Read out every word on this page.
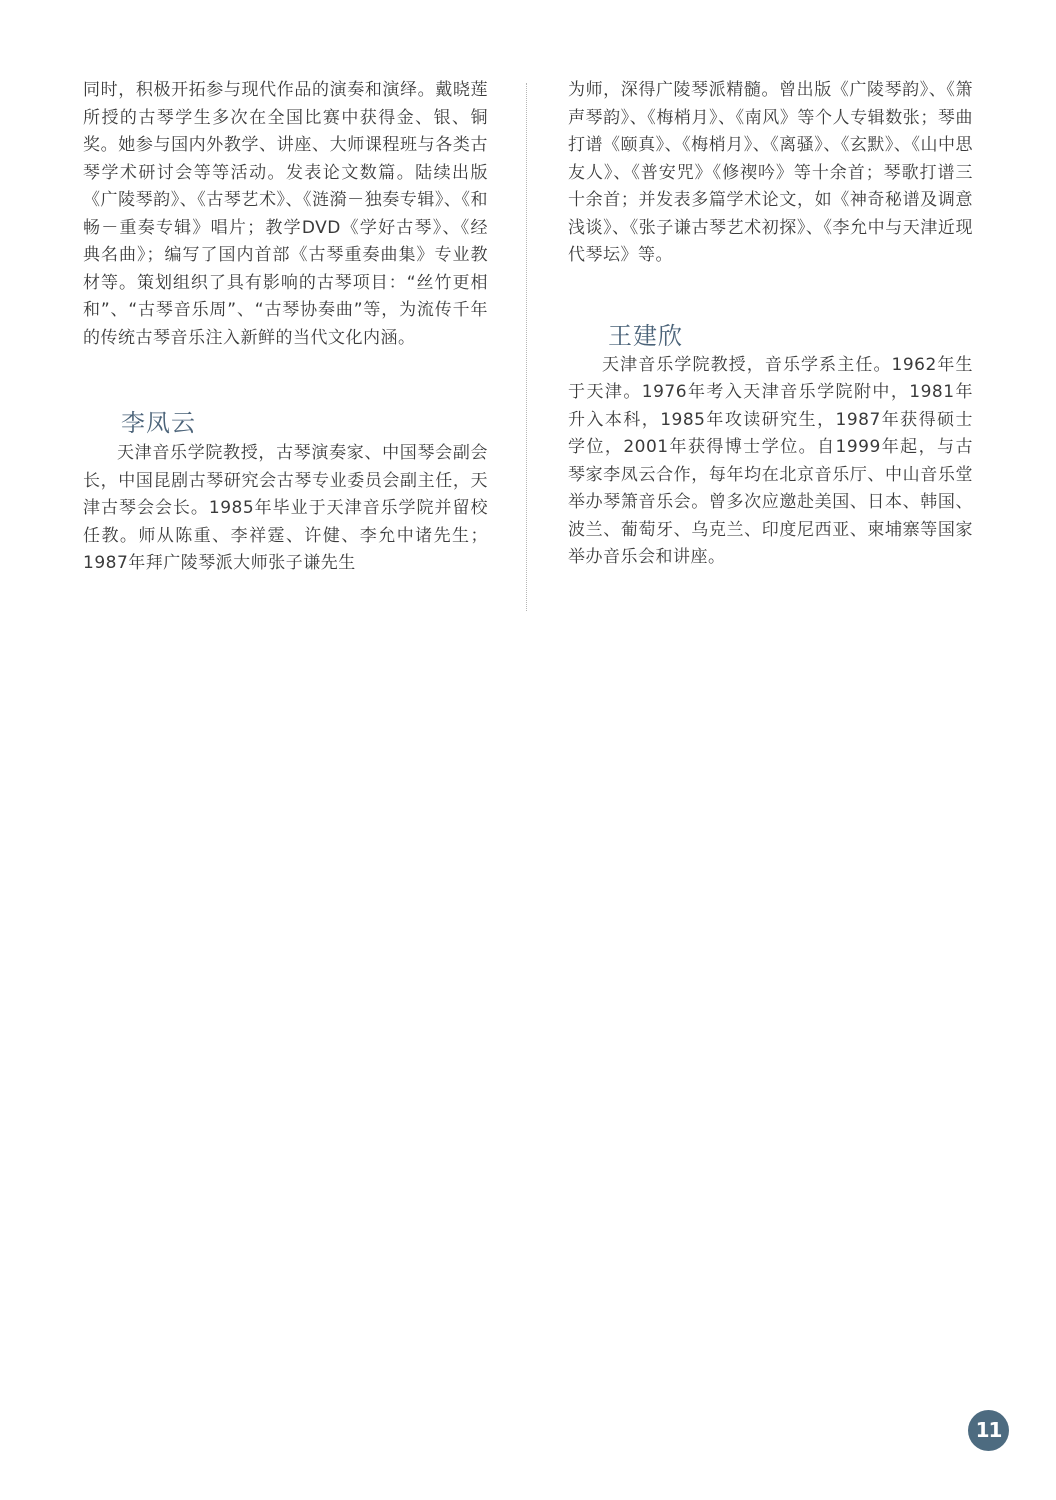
同时，积极开拓参与现代作品的演奏和演绎。戴晓莲所授的古琴学生多次在全国比赛中获得金、银、铜奖。她参与国内外教学、讲座、大师课程班与各类古琴学术研讨会等等活动。发表论文数篇。陆续出版《广陵琴韵》、《古琴艺术》、《涟漪－独奏专辑》、《和畅－重奏专辑》唱片；教学DVD《学好古琴》、《经典名曲》；编写了国内首部《古琴重奏曲集》专业教材等。策划组织了具有影响的古琴项目：“丝竹更相和”、“古琴音乐周”、“古琴协奏曲”等，为流传千年的传统古琴音乐注入新鲜的当代文化内涵。

李凤云

天津音乐学院教授，古琴演奏家、中国琴会副会长，中国昆剧古琴研究会古琴专业委员会副主任，天津古琴会会长。1985年毕业于天津音乐学院并留校任教。师从陈重、李祥霆、许健、李允中诸先生；1987年拜广陵琴派大师张子谦先生

为师，深得广陵琴派精髓。曾出版《广陵琴韵》、《箫声琴韵》、《梅梢月》、《南风》等个人专辑数张；琴曲打谱《颐真》、《梅梢月》、《离骚》、《玄默》、《山中思友人》、《普安咒》《修禊吟》等十余首；琴歌打谱三十余首；并发表多篇学术论文，如《神奇秘谱及调意浅谈》、《张子谦古琴艺术初探》、《李允中与天津近现代琴坛》等。

王建欣

天津音乐学院教授，音乐学系主任。1962年生于天津。1976年考入天津音乐学院附中，1981年升入本科，1985年攻读研究生，1987年获得硕士学位，2001年获得博士学位。自1999年起，与古琴家李凤云合作，每年均在北京音乐厅、中山音乐堂举办琴箫音乐会。曾多次应邀赴美国、日本、韩国、波兰、葡萄牙、乌克兰、印度尼西亚、柬埔寨等国家举办音乐会和讲座。

11
